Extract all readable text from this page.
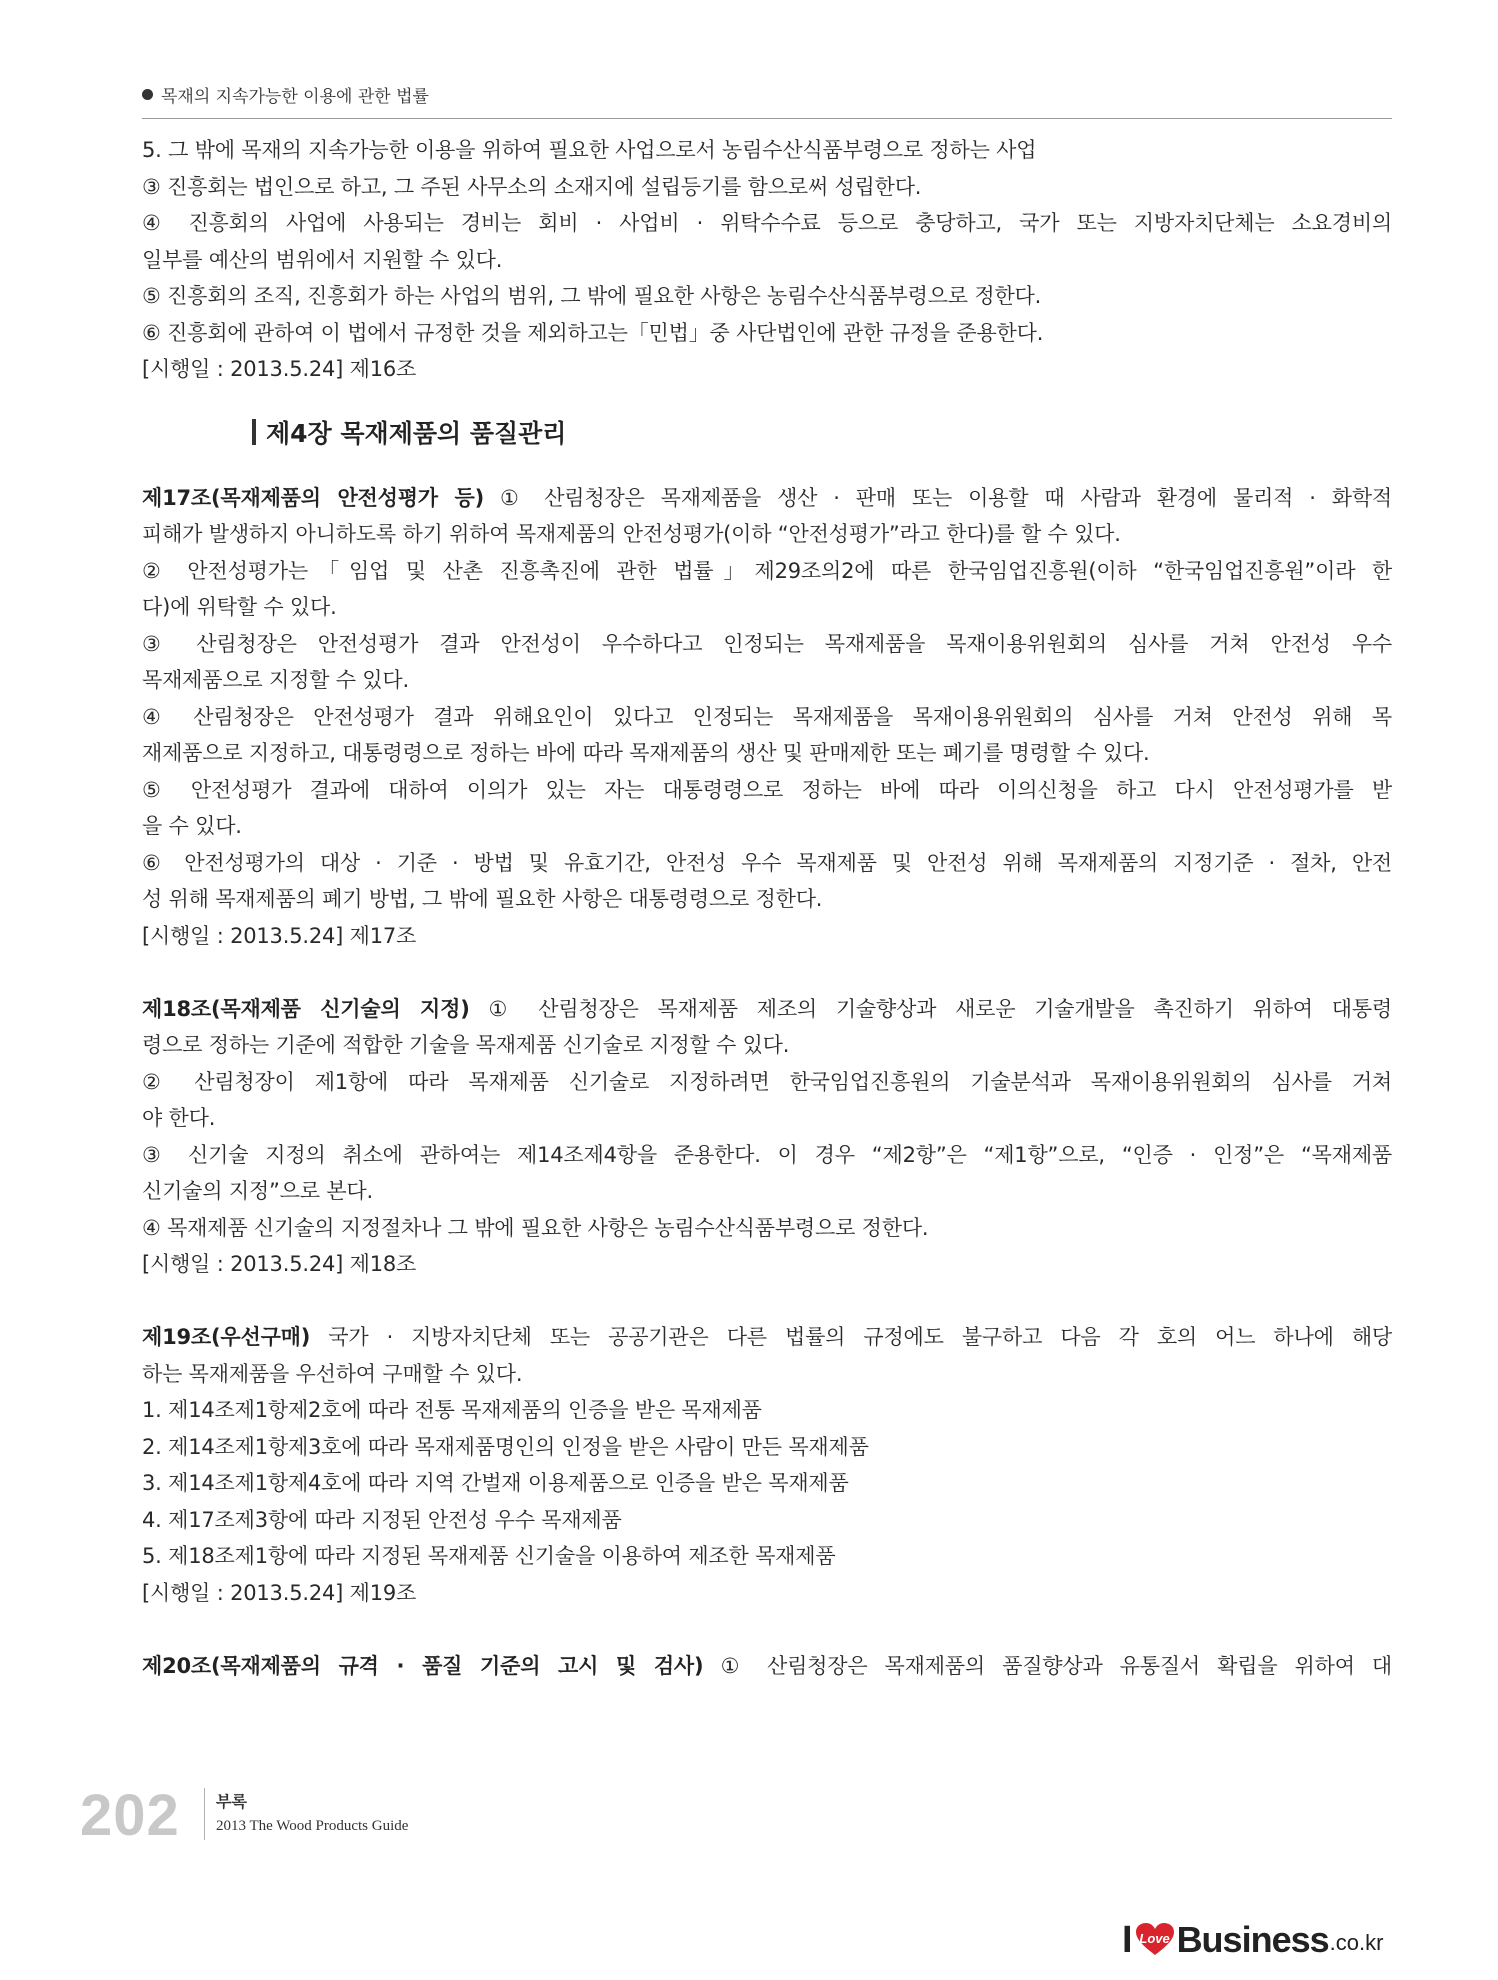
목재의 지속가능한 이용에 관한 법률
5. 그 밖에 목재의 지속가능한 이용을 위하여 필요한 사업으로서 농림수산식품부령으로 정하는 사업
③ 진흥회는 법인으로 하고, 그 주된 사무소의 소재지에 설립등기를 함으로써 성립한다.
④ 진흥회의 사업에 사용되는 경비는 회비 · 사업비 · 위탁수수료 등으로 충당하고, 국가 또는 지방자치단체는 소요경비의
일부를 예산의 범위에서 지원할 수 있다.
⑤ 진흥회의 조직, 진흥회가 하는 사업의 범위, 그 밖에 필요한 사항은 농림수산식품부령으로 정한다.
⑥ 진흥회에 관하여 이 법에서 규정한 것을 제외하고는「민법」중 사단법인에 관한 규정을 준용한다.
[시행일 : 2013.5.24] 제16조
제4장 목재제품의 품질관리
제17조(목재제품의 안전성평가 등) ① 산림청장은 목재제품을 생산 · 판매 또는 이용할 때 사람과 환경에 물리적 · 화학적
피해가 발생하지 아니하도록 하기 위하여 목재제품의 안전성평가(이하 “안전성평가”라고 한다)를 할 수 있다.
② 안전성평가는「임업 및 산촌 진흥촉진에 관한 법률」제29조의2에 따른 한국임업진흥원(이하 “한국임업진흥원”이라 한
다)에 위탁할 수 있다.
③ 산림청장은 안전성평가 결과 안전성이 우수하다고 인정되는 목재제품을 목재이용위원회의 심사를 거쳐 안전성 우수
목재제품으로 지정할 수 있다.
④ 산림청장은 안전성평가 결과 위해요인이 있다고 인정되는 목재제품을 목재이용위원회의 심사를 거쳐 안전성 위해 목
재제품으로 지정하고, 대통령령으로 정하는 바에 따라 목재제품의 생산 및 판매제한 또는 폐기를 명령할 수 있다.
⑤ 안전성평가 결과에 대하여 이의가 있는 자는 대통령령으로 정하는 바에 따라 이의신청을 하고 다시 안전성평가를 받
을 수 있다.
⑥ 안전성평가의 대상 · 기준 · 방법 및 유효기간, 안전성 우수 목재제품 및 안전성 위해 목재제품의 지정기준 · 절차, 안전
성 위해 목재제품의 폐기 방법, 그 밖에 필요한 사항은 대통령령으로 정한다.
[시행일 : 2013.5.24] 제17조
제18조(목재제품 신기술의 지정) ① 산림청장은 목재제품 제조의 기술향상과 새로운 기술개발을 촉진하기 위하여 대통령
령으로 정하는 기준에 적합한 기술을 목재제품 신기술로 지정할 수 있다.
② 산림청장이 제1항에 따라 목재제품 신기술로 지정하려면 한국임업진흥원의 기술분석과 목재이용위원회의 심사를 거쳐
야 한다.
③ 신기술 지정의 취소에 관하여는 제14조제4항을 준용한다. 이 경우 “제2항”은 “제1항”으로, “인증 · 인정”은 “목재제품
신기술의 지정”으로 본다.
④ 목재제품 신기술의 지정절차나 그 밖에 필요한 사항은 농림수산식품부령으로 정한다.
[시행일 : 2013.5.24] 제18조
제19조(우선구매) 국가 · 지방자치단체 또는 공공기관은 다른 법률의 규정에도 불구하고 다음 각 호의 어느 하나에 해당
하는 목재제품을 우선하여 구매할 수 있다.
1. 제14조제1항제2호에 따라 전통 목재제품의 인증을 받은 목재제품
2. 제14조제1항제3호에 따라 목재제품명인의 인정을 받은 사람이 만든 목재제품
3. 제14조제1항제4호에 따라 지역 간벌재 이용제품으로 인증을 받은 목재제품
4. 제17조제3항에 따라 지정된 안전성 우수 목재제품
5. 제18조제1항에 따라 지정된 목재제품 신기술을 이용하여 제조한 목재제품
[시행일 : 2013.5.24] 제19조
제20조(목재제품의 규격 · 품질 기준의 고시 및 검사) ① 산림청장은 목재제품의 품질향상과 유통질서 확립을 위하여 대
202 부록
2013 The Wood Products Guide
I Love Business .co.kr
